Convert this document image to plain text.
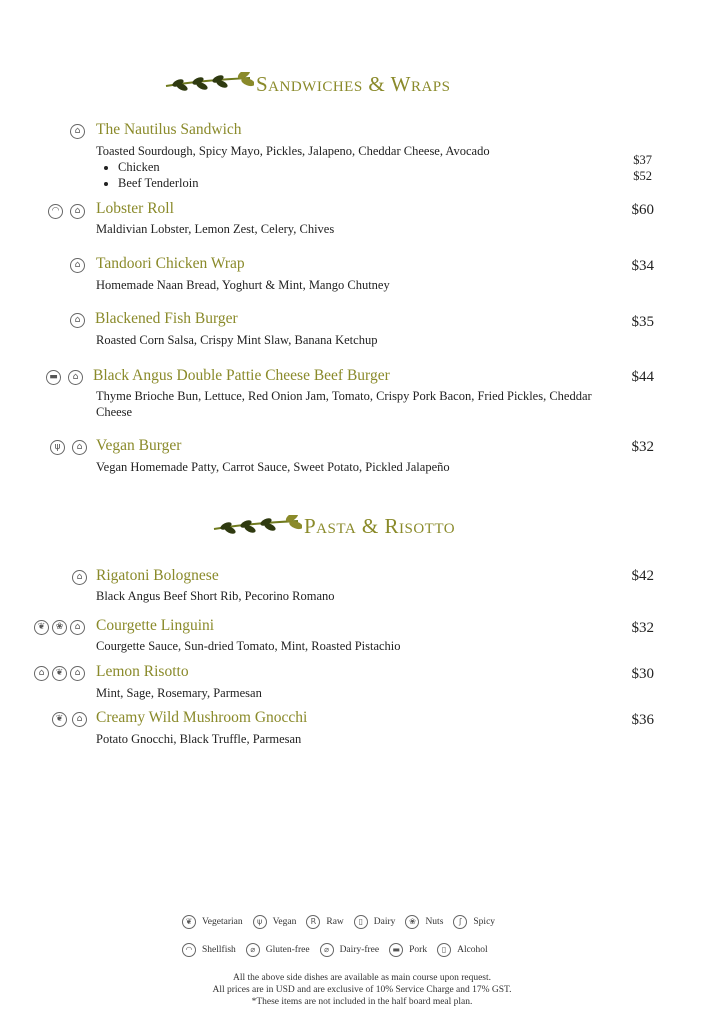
Sandwiches & Wraps
⌂ The Nautilus Sandwich
Toasted Sourdough, Spicy Mayo, Pickles, Jalapeno, Cheddar Cheese, Avocado
• Chicken
• Beef Tenderloin
$37
$52
◠	⌂ Lobster Roll
Maldivian Lobster, Lemon Zest, Celery, Chives
$60
⌂ Tandoori Chicken Wrap
Homemade Naan Bread, Yoghurt & Mint, Mango Chutney
$34
⌂ Blackened Fish Burger
Roasted Corn Salsa, Crispy Mint Slaw, Banana Ketchup
$35
▬	⌂ Black Angus Double Pattie Cheese Beef Burger
Thyme Brioche Bun, Lettuce, Red Onion Jam, Tomato, Crispy Pork Bacon, Fried Pickles, Cheddar Cheese
$44
ψ	⌂ Vegan Burger
Vegan Homemade Patty, Carrot Sauce, Sweet Potato, Pickled Jalapeño
$32
Pasta & Risotto
⌂ Rigatoni Bolognese
Black Angus Beef Short Rib, Pecorino Romano
$42
❦	❀	⌂ Courgette Linguini
Courgette Sauce, Sun-dried Tomato, Mint, Roasted Pistachio
$32
⌂	❦	⌂ Lemon Risotto
Mint, Sage, Rosemary, Parmesan
$30
❦	⌂ Creamy Wild Mushroom Gnocchi
Potato Gnocchi, Black Truffle, Parmesan
$36
❦	Vegetarian	ψ	Vegan	R	Raw	▯	Dairy	❀	Nuts	ʃ	Spicy
◠	Shellfish	⌀	Gluten-free	⌀	Dairy-free	▬ Pork	▯	Alcohol
All the above side dishes are available as main course upon request.
All prices are in USD and are exclusive of 10% Service Charge and 17% GST.
*These items are not included in the half board meal plan.
